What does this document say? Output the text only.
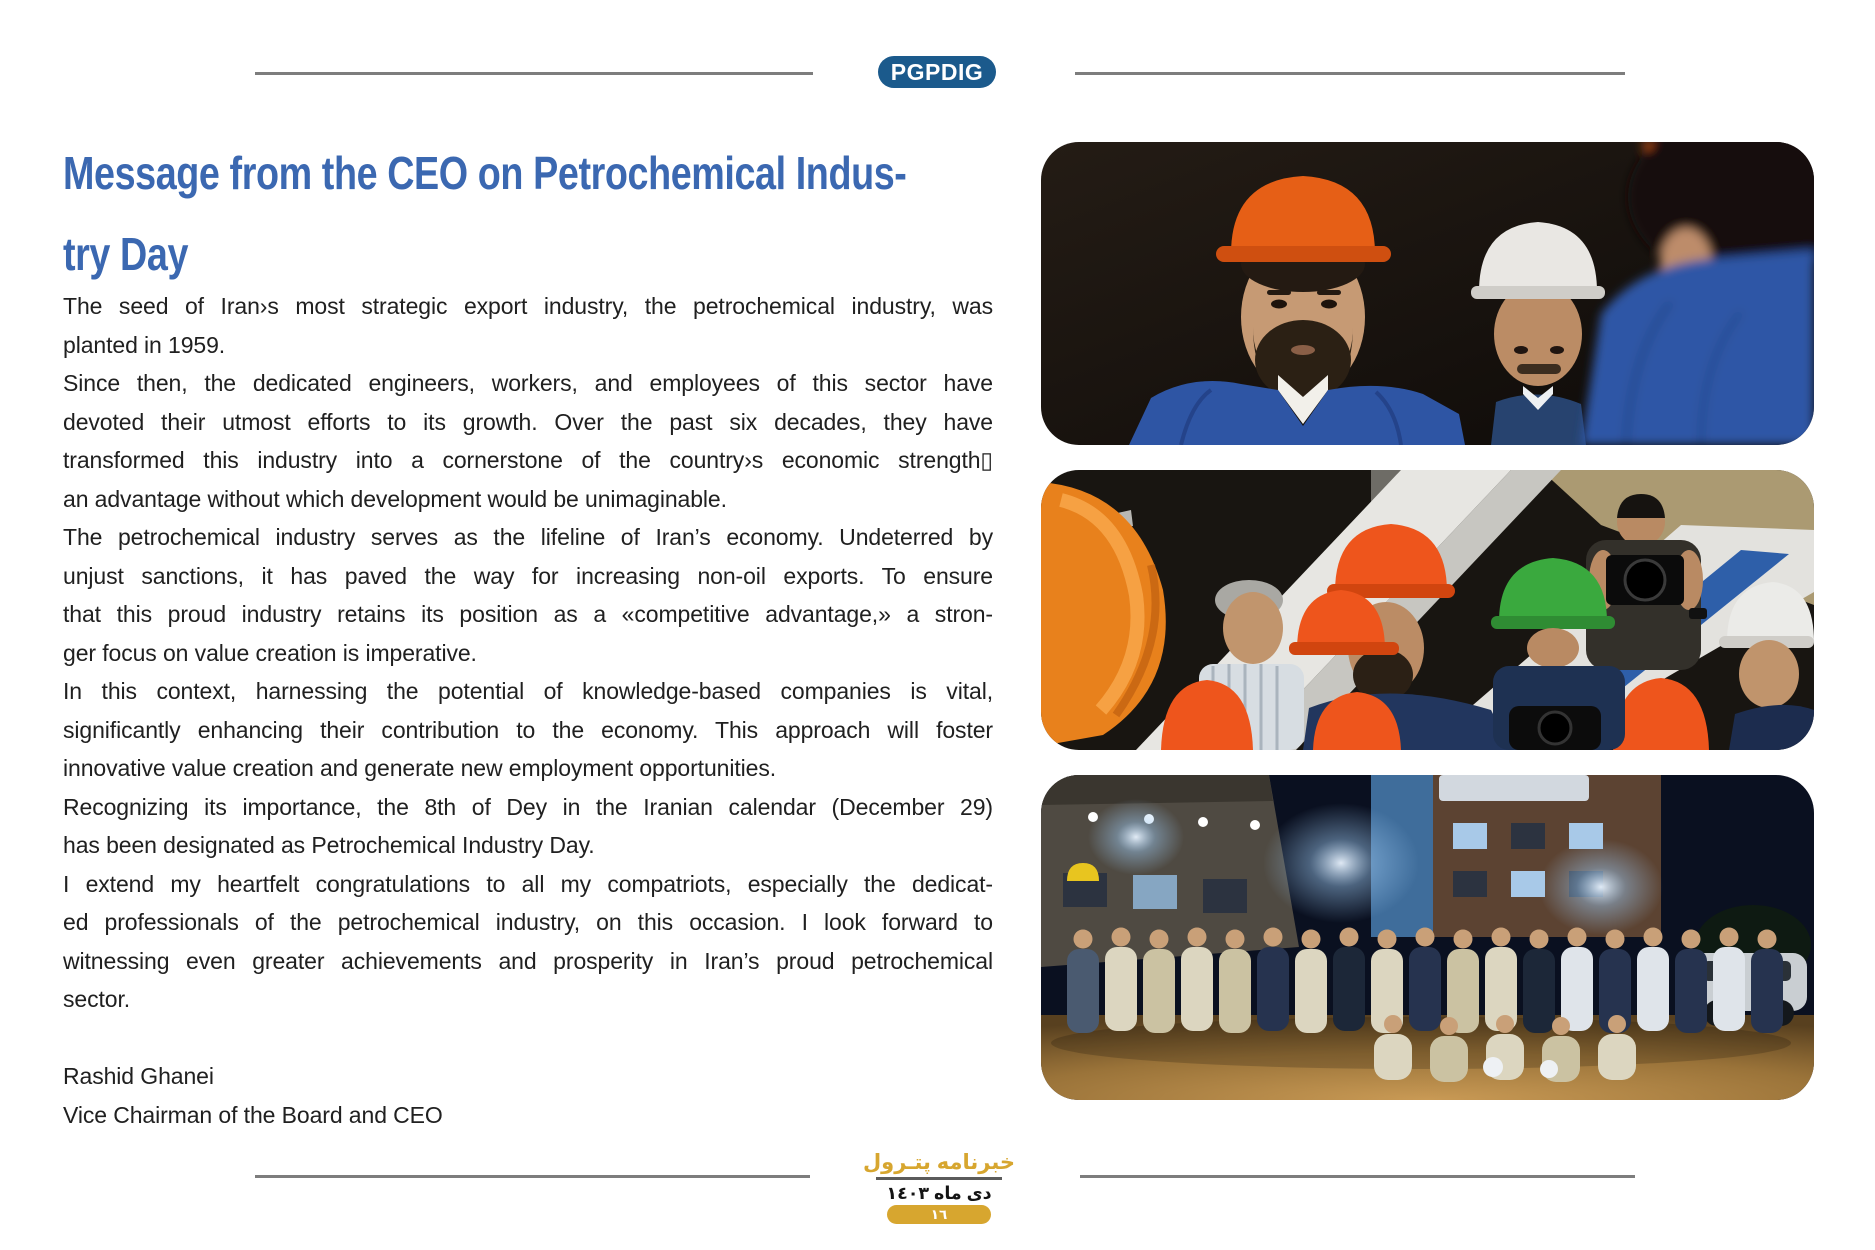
PGPDIG
Message from the CEO on Petrochemical Indus-
try Day
The seed of Iran›s most strategic export industry, the petrochemical industry, was
planted in 1959.
Since then, the dedicated engineers, workers, and employees of this sector have
devoted their utmost efforts to its growth. Over the past six decades, they have
transformed this industry into a cornerstone of the country›s economic strength▯
an advantage without which development would be unimaginable.
The petrochemical industry serves as the lifeline of Iran’s economy. Undeterred by
unjust sanctions, it has paved the way for increasing non-oil exports. To ensure
that this proud industry retains its position as a «competitive advantage,» a stron-
ger focus on value creation is imperative.
In this context, harnessing the potential of knowledge-based companies is vital,
significantly enhancing their contribution to the economy. This approach will foster
innovative value creation and generate new employment opportunities.
Recognizing its importance, the 8th of Dey in the Iranian calendar (December 29)
has been designated as Petrochemical Industry Day.
I extend my heartfelt congratulations to all my compatriots, especially the dedicat-
ed professionals of the petrochemical industry, on this occasion. I look forward to
witnessing even greater achievements and prosperity in Iran’s proud petrochemical
sector.
Rashid Ghanei
Vice Chairman of the Board and CEO
خبرنامه پتـرول
دی ماه ١٤٠٣
١٦
